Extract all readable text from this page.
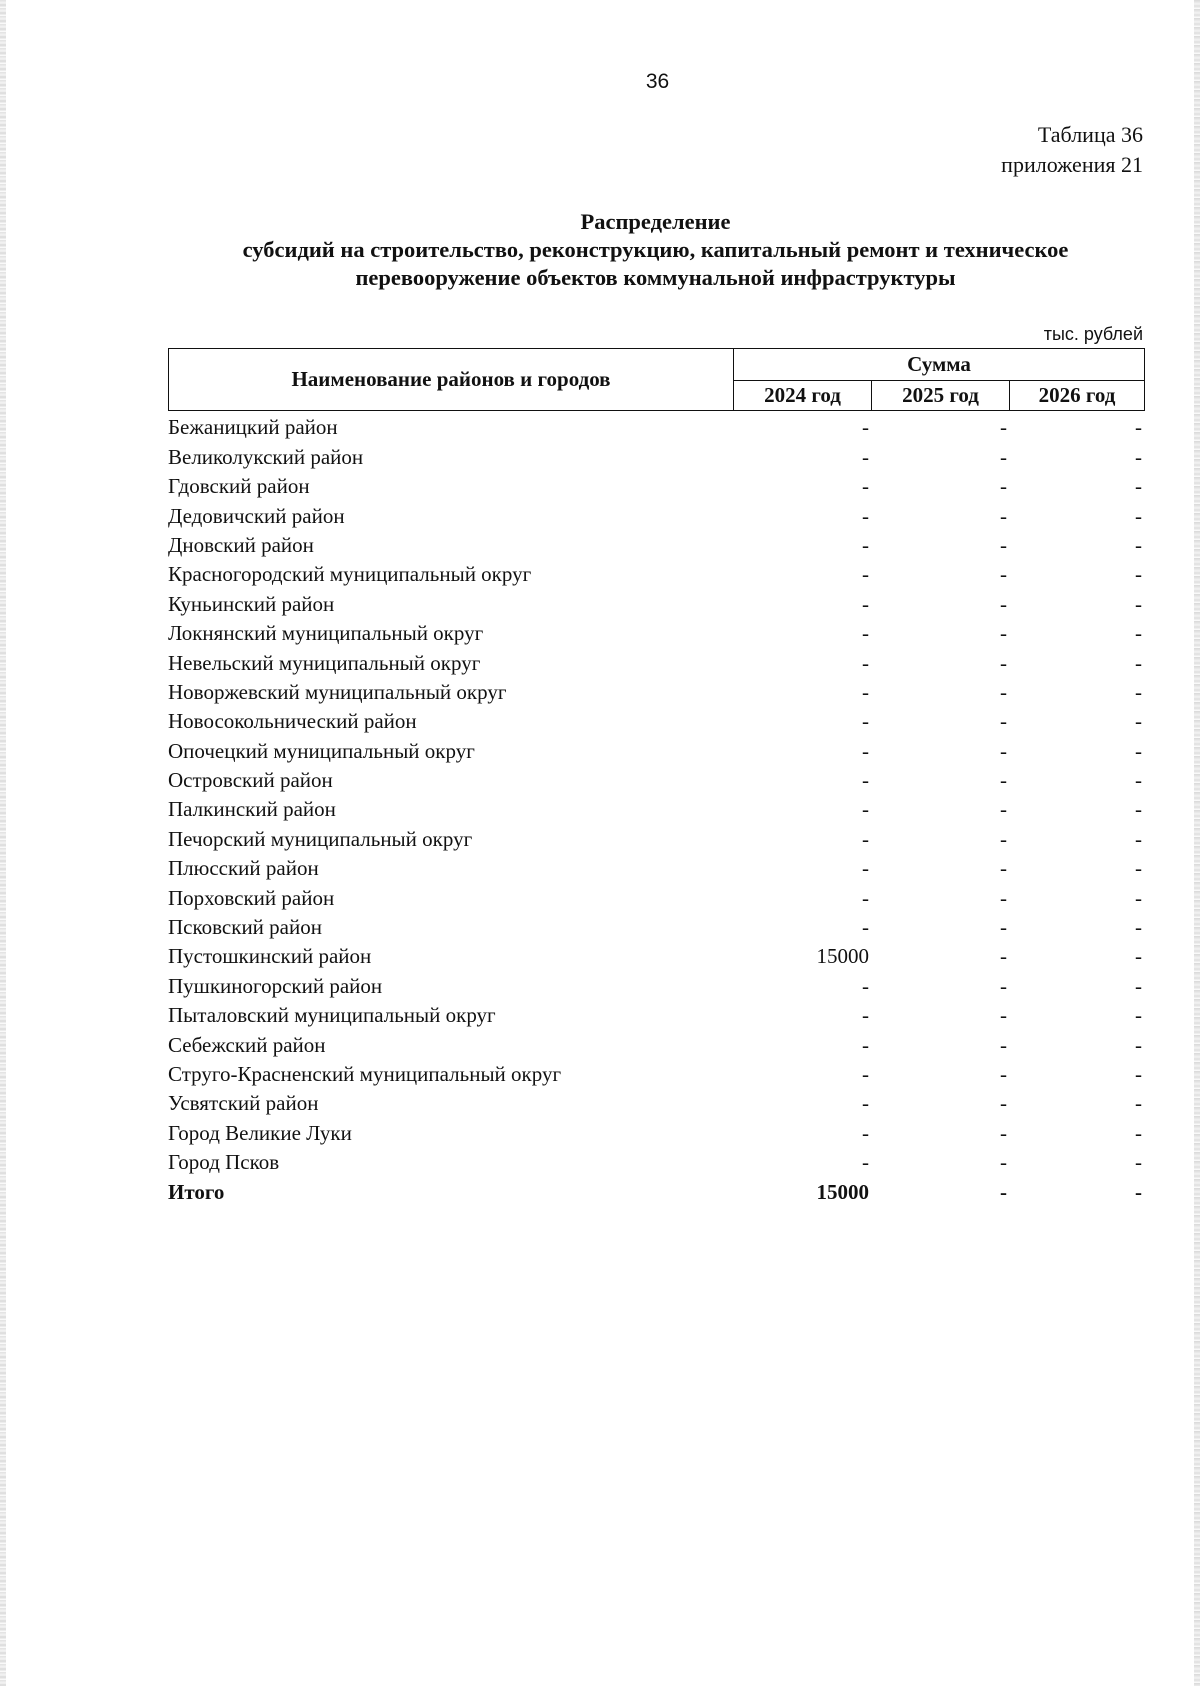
36
Таблица 36
приложения 21
Распределение
субсидий на строительство, реконструкцию, капитальный ремонт и техническое
перевооружение объектов коммунальной инфраструктуры
тыс. рублей
Наименование районов и городов	Сумма		
	2024 год	2025 год	2026 год
Бежаницкий район	-	-	-
Великолукский район	-	-	-
Гдовский район	-	-	-
Дедовичский район	-	-	-
Дновский район	-	-	-
Красногородский муниципальный округ	-	-	-
Куньинский район	-	-	-
Локнянский муниципальный округ	-	-	-
Невельский муниципальный округ	-	-	-
Новоржевский муниципальный округ	-	-	-
Новосокольнический район	-	-	-
Опочецкий муниципальный округ	-	-	-
Островский район	-	-	-
Палкинский район	-	-	-
Печорский муниципальный округ	-	-	-
Плюсский район	-	-	-
Порховский район	-	-	-
Псковский район	-	-	-
Пустошкинский район	15000	-	-
Пушкиногорский район	-	-	-
Пыталовский муниципальный округ	-	-	-
Себежский район	-	-	-
Струго-Красненский муниципальный округ	-	-	-
Усвятский район	-	-	-
Город Великие Луки	-	-	-
Город Псков	-	-	-
Итого	15000	-	-
